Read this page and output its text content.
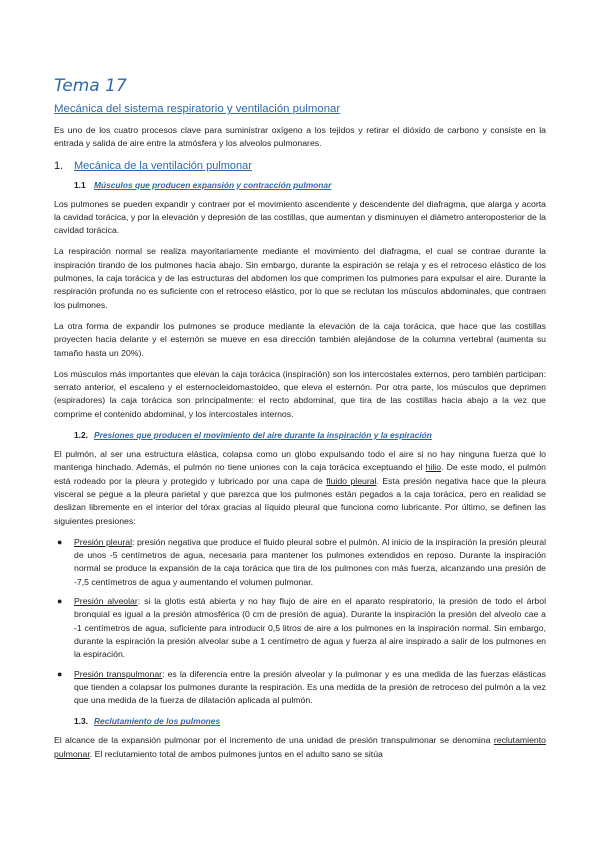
Tema 17
Mecánica del sistema respiratorio y ventilación pulmonar

Es uno de los cuatro procesos clave para suministrar oxígeno a los tejidos y retirar el dióxido de carbono y consiste en la entrada y salida de aire entre la atmósfera y los alveolos pulmonares.

1. Mecánica de la ventilación pulmonar
1.1 Músculos que producen expansión y contracción pulmonar

Los pulmones se pueden expandir y contraer por el movimiento ascendente y descendente del diafragma, que alarga y acorta la cavidad torácica, y por la elevación y depresión de las costillas, que aumentan y disminuyen el diámetro anteroposterior de la cavidad torácica.

La respiración normal se realiza mayoritariamente mediante el movimiento del diafragma, el cual se contrae durante la inspiración tirando de los pulmones hacia abajo. Sin embargo, durante la espiración se relaja y es el retroceso elástico de los pulmones, la caja torácica y de las estructuras del abdomen los que comprimen los pulmones para expulsar el aire. Durante la respiración profunda no es suficiente con el retroceso elástico, por lo que se reclutan los músculos abdominales, que contraen los pulmones.

La otra forma de expandir los pulmones se produce mediante la elevación de la caja torácica, que hace que las costillas proyecten hacia delante y el esternón se mueve en esa dirección también alejándose de la columna vertebral (aumenta su tamaño hasta un 20%).

Los músculos más importantes que elevan la caja torácica (inspiración) son los intercostales externos, pero también participan: serrato anterior, el escaleno y el esternocleidomastoideo, que eleva el esternón. Por otra parte, los músculos que deprimen (espiradores) la caja torácica son principalmente: el recto abdominal, que tira de las costillas hacia abajo a la vez que comprime el contenido abdominal, y los intercostales internos.

1.2. Presiones que producen el movimiento del aire durante la inspiración y la espiración

El pulmón, al ser una estructura elástica, colapsa como un globo expulsando todo el aire si no hay ninguna fuerza que lo mantenga hinchado. Además, el pulmón no tiene uniones con la caja torácica exceptuando el hilio. De este modo, el pulmón está rodeado por la pleura y protegido y lubricado por una capa de fluido pleural. Esta presión negativa hace que la pleura visceral se pegue a la pleura parietal y que parezca que los pulmones están pegados a la caja torácica, pero en realidad se deslizan libremente en el interior del tórax gracias al líquido pleural que funciona como lubricante. Por último, se definen las siguientes presiones:

● Presión pleural: presión negativa que produce el fluido pleural sobre el pulmón. Al inicio de la inspiración la presión pleural de unos -5 centímetros de agua, necesaria para mantener los pulmones extendidos en reposo. Durante la inspiración normal se produce la expansión de la caja torácica que tira de los pulmones con más fuerza, alcanzando una presión de -7,5 centímetros de agua y aumentando el volumen pulmonar.
● Presión alveolar: si la glotis está abierta y no hay flujo de aire en el aparato respiratorio, la presión de todo el árbol bronquial es igual a la presión atmosférica (0 cm de presión de agua). Durante la inspiración la presión del alveolo cae a -1 centímetros de agua, suficiente para introducir 0,5 litros de aire a los pulmones en la inspiración normal. Sin embargo, durante la espiración la presión alveolar sube a 1 centímetro de agua y fuerza al aire inspirado a salir de los pulmones en la espiración.
● Presión transpulmonar: es la diferencia entre la presión alveolar y la pulmonar y es una medida de las fuerzas elásticas que tienden a colapsar los pulmones durante la respiración. Es una medida de la presión de retroceso del pulmón a la vez que una medida de la fuerza de dilatación aplicada al pulmón.
1.3. Reclutamiento de los pulmones

El alcance de la expansión pulmonar por el incremento de una unidad de presión transpulmonar se denomina reclutamiento pulmonar. El reclutamiento total de ambos pulmones juntos en el adulto sano se sitúa
